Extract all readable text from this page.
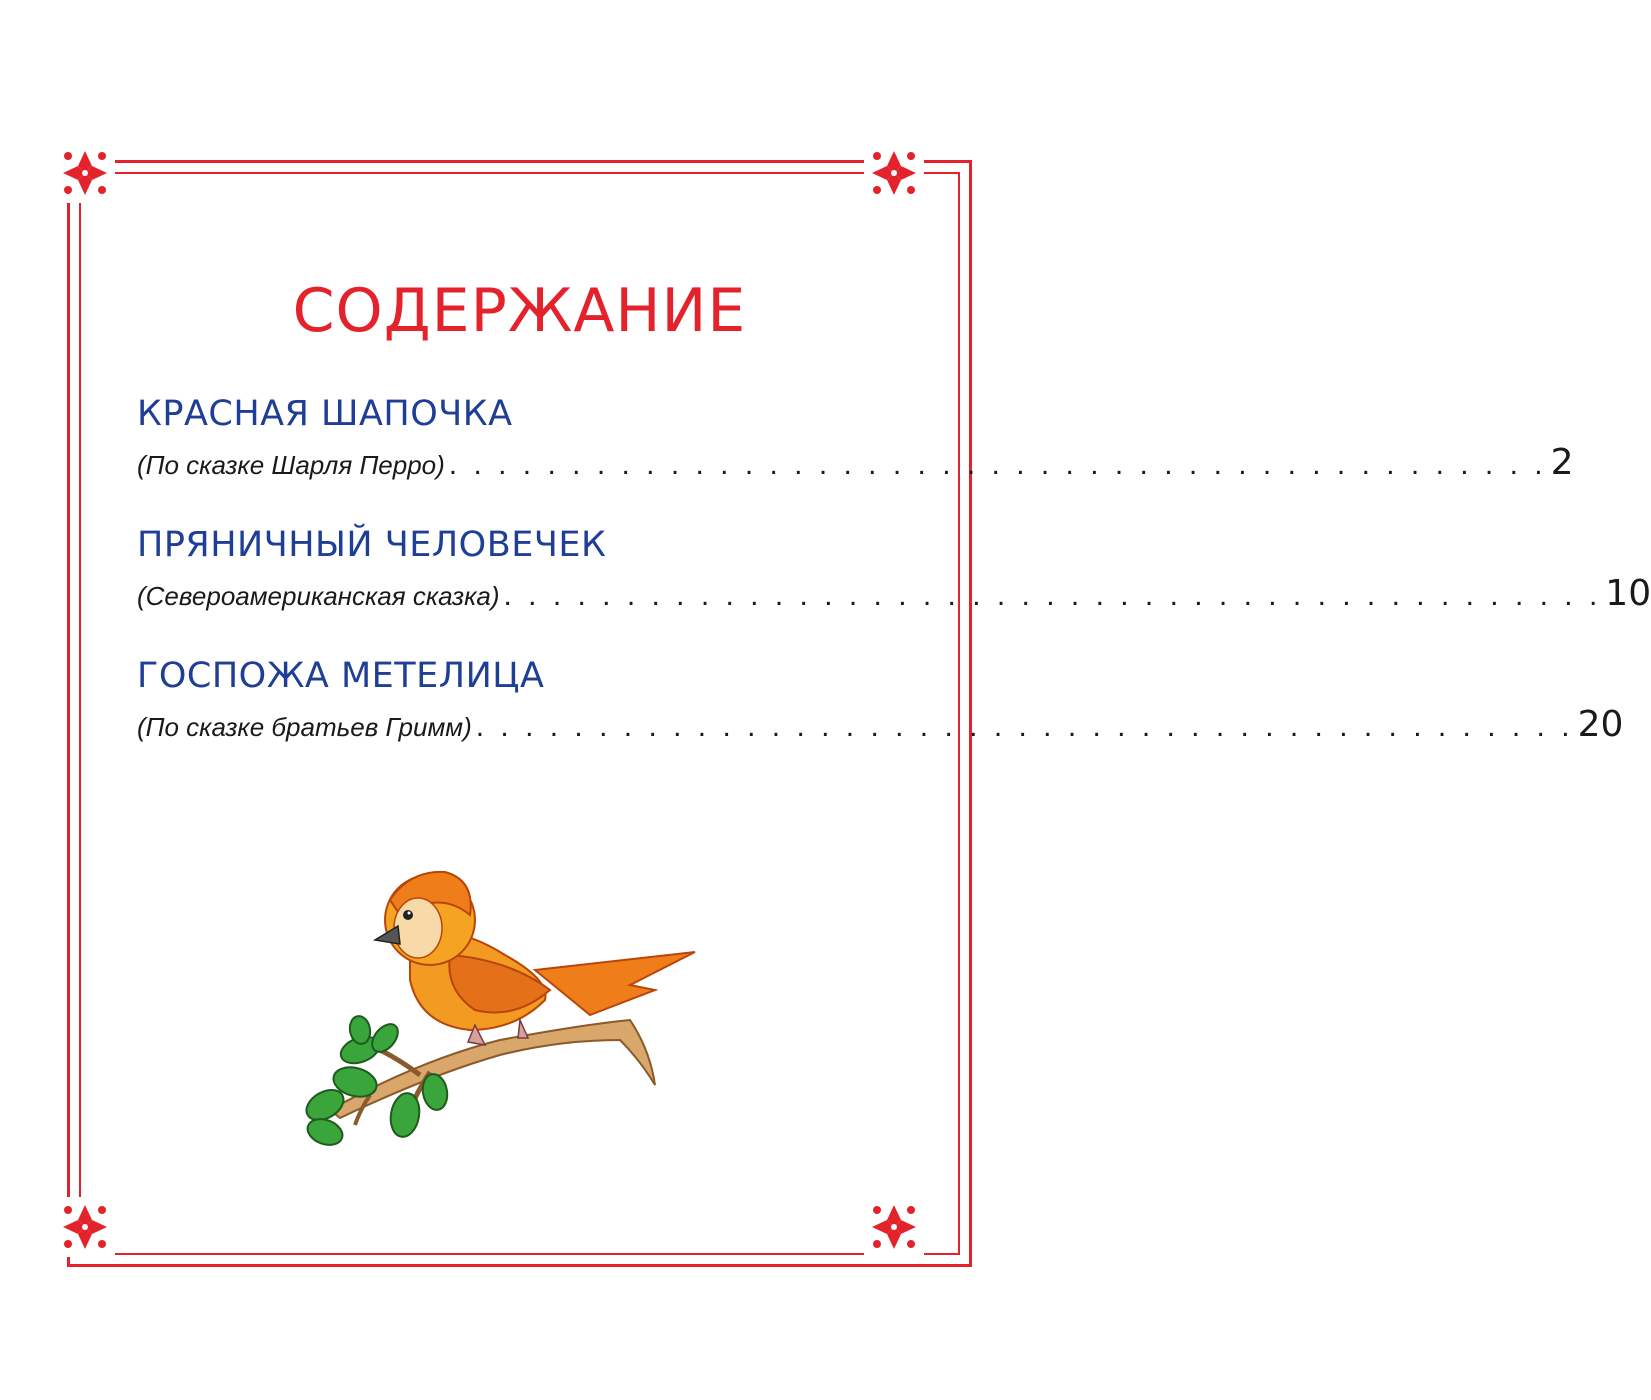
СОДЕРЖАНИЕ
КРАСНАЯ ШАПОЧКА
(По сказке Шарля Перро) . . . . . . . . . . . . . . . . . . . . . . . . . . . . . . . . . . . . . . . . . . . . . 2
ПРЯНИЧНЫЙ ЧЕЛОВЕЧЕК
(Североамериканская сказка) . . . . . . . . . . . . . . . . . . . . . . . . . . . . . . . . . . . . . . . . . . . . . 10
ГОСПОЖА МЕТЕЛИЦА
(По сказке братьев Гримм) . . . . . . . . . . . . . . . . . . . . . . . . . . . . . . . . . . . . . . . . . . . . . 20
